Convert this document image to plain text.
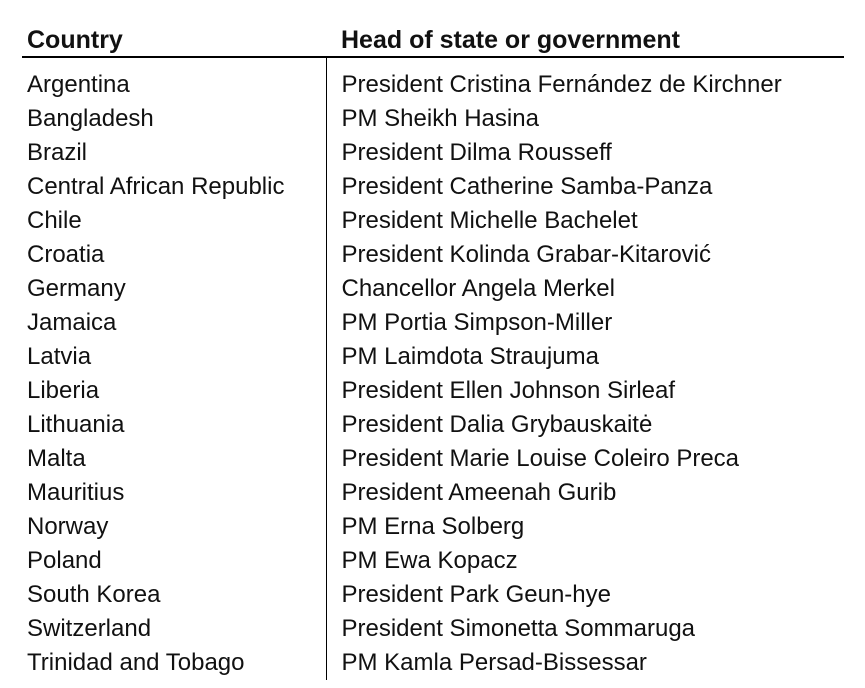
Country	Head of state or government
Argentina	President Cristina Fernández de Kirchner
Bangladesh	PM Sheikh Hasina
Brazil	President Dilma Rousseff
Central African Republic	President Catherine Samba-Panza
Chile	President Michelle Bachelet
Croatia	President Kolinda Grabar-Kitarović
Germany	Chancellor Angela Merkel
Jamaica	PM Portia Simpson-Miller
Latvia	PM Laimdota Straujuma
Liberia	President Ellen Johnson Sirleaf
Lithuania	President Dalia Grybauskaitė
Malta	President Marie Louise Coleiro Preca
Mauritius	President Ameenah Gurib
Norway	PM Erna Solberg
Poland	PM Ewa Kopacz
South Korea	President Park Geun-hye
Switzerland	President Simonetta Sommaruga
Trinidad and Tobago	PM Kamla Persad-Bissessar
